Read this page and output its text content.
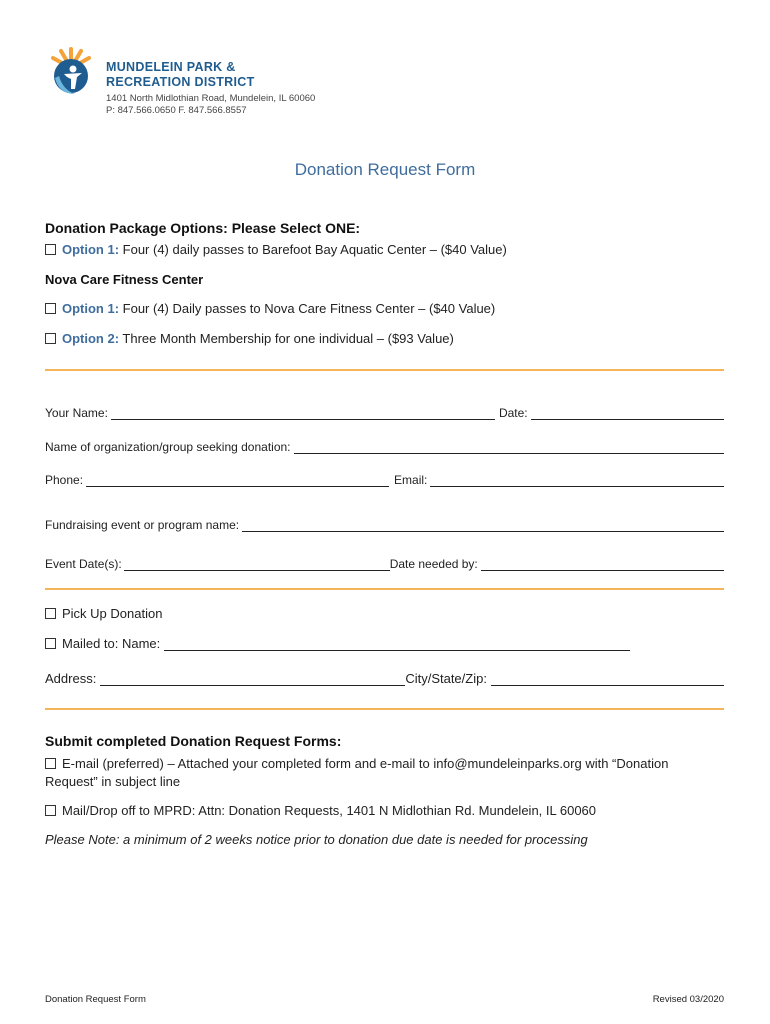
MUNDELEIN PARK &
RECREATION DISTRICT
1401 North Midlothian Road, Mundelein, IL 60060
P: 847.566.0650 F. 847.566.8557
Donation Request Form
Donation Package Options: Please Select ONE:
Option 1: Four (4) daily passes to Barefoot Bay Aquatic Center – ($40 Value)
Nova Care Fitness Center
Option 1: Four (4) Daily passes to Nova Care Fitness Center – ($40 Value)
Option 2: Three Month Membership for one individual – ($93 Value)
Your Name:	Date:
Name of organization/group seeking donation:
Phone:	Email:
Fundraising event or program name:
Event Date(s):	Date needed by:
Pick Up Donation
Mailed to: Name:
Address:	City/State/Zip:
Submit completed Donation Request Forms:
E-mail (preferred) – Attached your completed form and e-mail to info@mundeleinparks.org with “Donation
Request” in subject line
Mail/Drop off to MPRD: Attn: Donation Requests, 1401 N Midlothian Rd. Mundelein, IL 60060
Please Note: a minimum of 2 weeks notice prior to donation due date is needed for processing
Donation Request Form	Revised 03/2020
